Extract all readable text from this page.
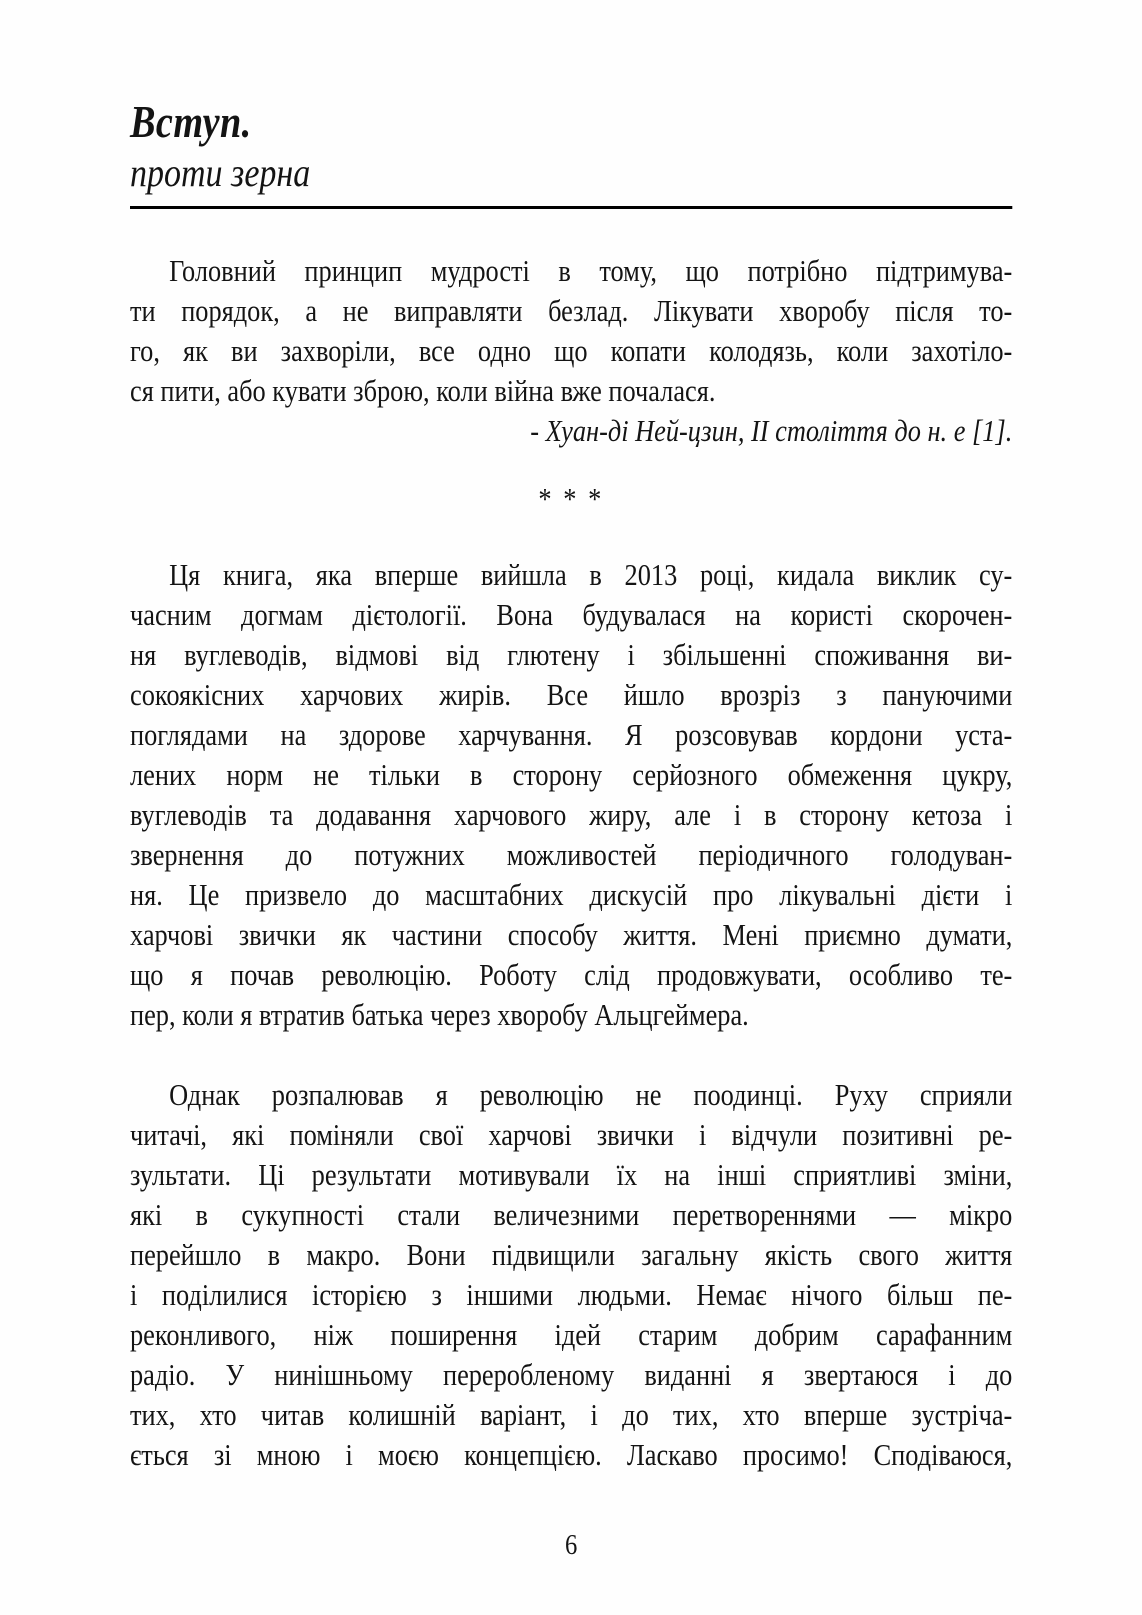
Вступ.
проти зерна
Головний принцип мудрості в тому, що потрібно підтримува-
ти порядок, а не виправляти безлад. Лікувати хворобу після то-
го, як ви захворіли, все одно що копати колодязь, коли захотіло-
ся пити, або кувати зброю, коли війна вже почалася.
- Хуан-ді Ней-цзин, II століття до н. е [1].
* * *
Ця книга, яка вперше вийшла в 2013 році, кидала виклик су-
часним догмам дієтології. Вона будувалася на користі скорочен-
ня вуглеводів, відмові від глютену і збільшенні споживання ви-
сокоякісних харчових жирів. Все йшло врозріз з пануючими
поглядами на здорове харчування. Я розсовував кордони уста-
лених норм не тільки в сторону серйозного обмеження цукру,
вуглеводів та додавання харчового жиру, але і в сторону кетоза і
звернення до потужних можливостей періодичного голодуван-
ня. Це призвело до масштабних дискусій про лікувальні дієти і
харчові звички як частини способу життя. Мені приємно думати,
що я почав революцію. Роботу слід продовжувати, особливо те-
пер, коли я втратив батька через хворобу Альцгеймера.
Однак розпалював я революцію не поодинці. Руху сприяли
читачі, які поміняли свої харчові звички і відчули позитивні ре-
зультати. Ці результати мотивували їх на інші сприятливі зміни,
які в сукупності стали величезними перетвореннями — мікро
перейшло в макро. Вони підвищили загальну якість свого життя
і поділилися історією з іншими людьми. Немає нічого більш пе-
реконливого, ніж поширення ідей старим добрим сарафанним
радіо. У нинішньому переробленому виданні я звертаюся і до
тих, хто читав колишній варіант, і до тих, хто вперше зустріча-
ється зі мною і моєю концепцією. Ласкаво просимо! Сподіваюся,
6
